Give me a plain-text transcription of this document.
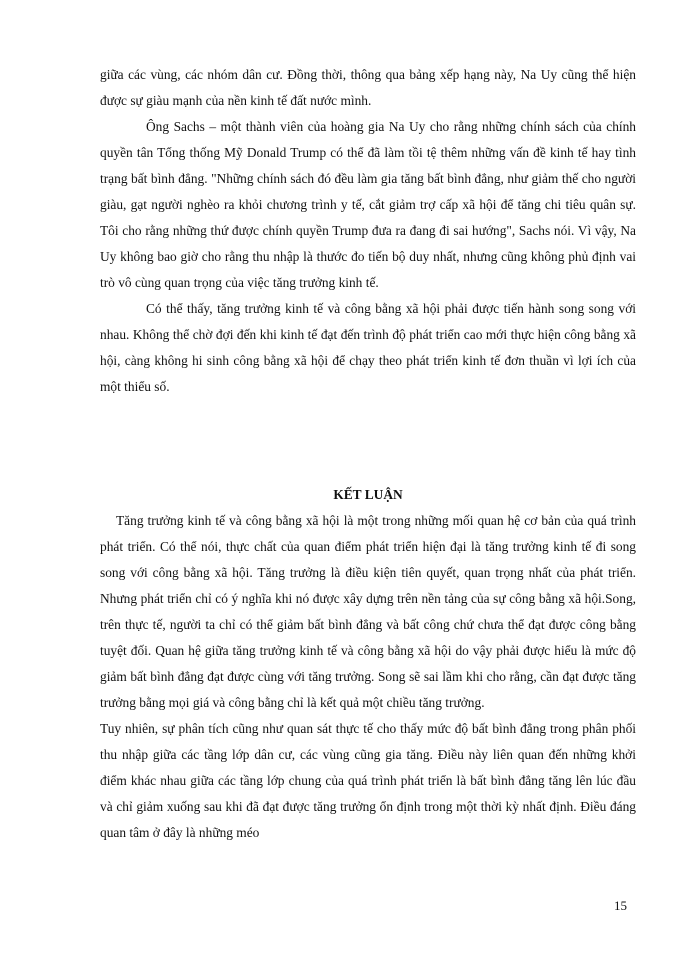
giữa các vùng, các nhóm dân cư. Đồng thời, thông qua bảng xếp hạng này, Na Uy cũng thể hiện được sự giàu mạnh của nền kinh tế đất nước mình.

Ông Sachs – một thành viên của hoàng gia Na Uy cho rằng những chính sách của chính quyền tân Tổng thống Mỹ Donald Trump có thể đã làm tồi tệ thêm những vấn đề kinh tế hay tình trạng bất bình đẳng. "Những chính sách đó đều làm gia tăng bất bình đẳng, như giảm thế cho người giàu, gạt người nghèo ra khỏi chương trình y tế, cắt giảm trợ cấp xã hội để tăng chi tiêu quân sự. Tôi cho rằng những thứ được chính quyền Trump đưa ra đang đi sai hướng", Sachs nói. Vì vậy, Na Uy không bao giờ cho rằng thu nhập là thước đo tiến bộ duy nhất, nhưng cũng không phủ định vai trò vô cùng quan trọng của việc tăng trưởng kinh tế.

Có thể thấy, tăng trưởng kinh tế và công bằng xã hội phải được tiến hành song song với nhau. Không thể chờ đợi đến khi kinh tế đạt đến trình độ phát triển cao mới thực hiện công bằng xã hội, càng không hi sinh công bằng xã hội để chạy theo phát triển kinh tế đơn thuần vì lợi ích của một thiểu số.

KẾT LUẬN

Tăng trưởng kinh tế và công bằng xã hội là một trong những mối quan hệ cơ bản của quá trình phát triển. Có thể nói, thực chất của quan điểm phát triển hiện đại là tăng trưởng kinh tế đi song song với công bằng xã hội. Tăng trưởng là điều kiện tiên quyết, quan trọng nhất của phát triển. Nhưng phát triển chỉ có ý nghĩa khi nó được xây dựng trên nền tảng của sự công bằng xã hội.Song, trên thực tế, người ta chỉ có thể giảm bất bình đẳng và bất công chứ chưa thể đạt được công bằng tuyệt đối. Quan hệ giữa tăng trưởng kinh tế và công bằng xã hội do vậy phải được hiểu là mức độ giảm bất bình đẳng đạt được cùng với tăng trưởng. Song sẽ sai lầm khi cho rằng, cần đạt được tăng trưởng bằng mọi giá và công bằng chỉ là kết quả một chiều tăng trưởng.

Tuy nhiên, sự phân tích cũng như quan sát thực tế cho thấy mức độ bất bình đẳng trong phân phối thu nhập giữa các tầng lớp dân cư, các vùng cũng gia tăng. Điều này liên quan đến những khởi điểm khác nhau giữa các tầng lớp chung của quá trình phát triển là bất bình đẳng tăng lên lúc đầu và chỉ giảm xuống sau khi đã đạt được tăng trưởng ổn định trong một thời kỳ nhất định. Điều đáng quan tâm ở đây là những méo

15
